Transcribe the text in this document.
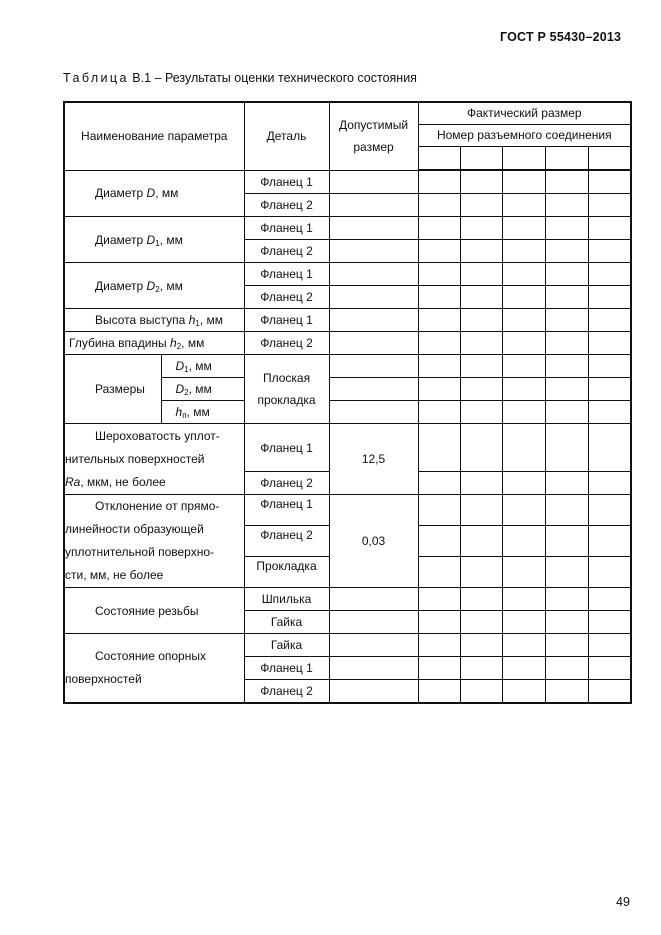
ГОСТ Р 55430–2013
Таблица В.1 – Результаты оценки технического состояния
Наименование параметра		Деталь	Допустимый размер	Фактический размер				
				Номер разъемного соединения				

Диаметр D, мм		Фланец 1						
		Фланец 2						
Диаметр $D_1$, мм		Фланец 1						
		Фланец 2						
Диаметр $D_2$, мм		Фланец 1						
		Фланец 2						
Высота выступа $h_1$, мм		Фланец 1						
Глубина впадины $h_2$, мм		Фланец 2						
Размеры	$D_1$, мм	Плоская прокладка						
	$D_2$, мм							
	$h_п$, мм							

Шероховатость уплот-
нительных поверхностей
Ra, мкм, не более		Фланец 1	12,5					
		Фланец 2						

Отклонение от прямо-
линейности образующей
уплотнительной поверхно-
сти, мм, не более		Фланец 1	0,03					
		Фланец 2						
		Прокладка						
Состояние резьбы		Шпилька						
		Гайка						

Состояние опорных
поверхностей		Гайка						
		Фланец 1						
		Фланец 2						
49
